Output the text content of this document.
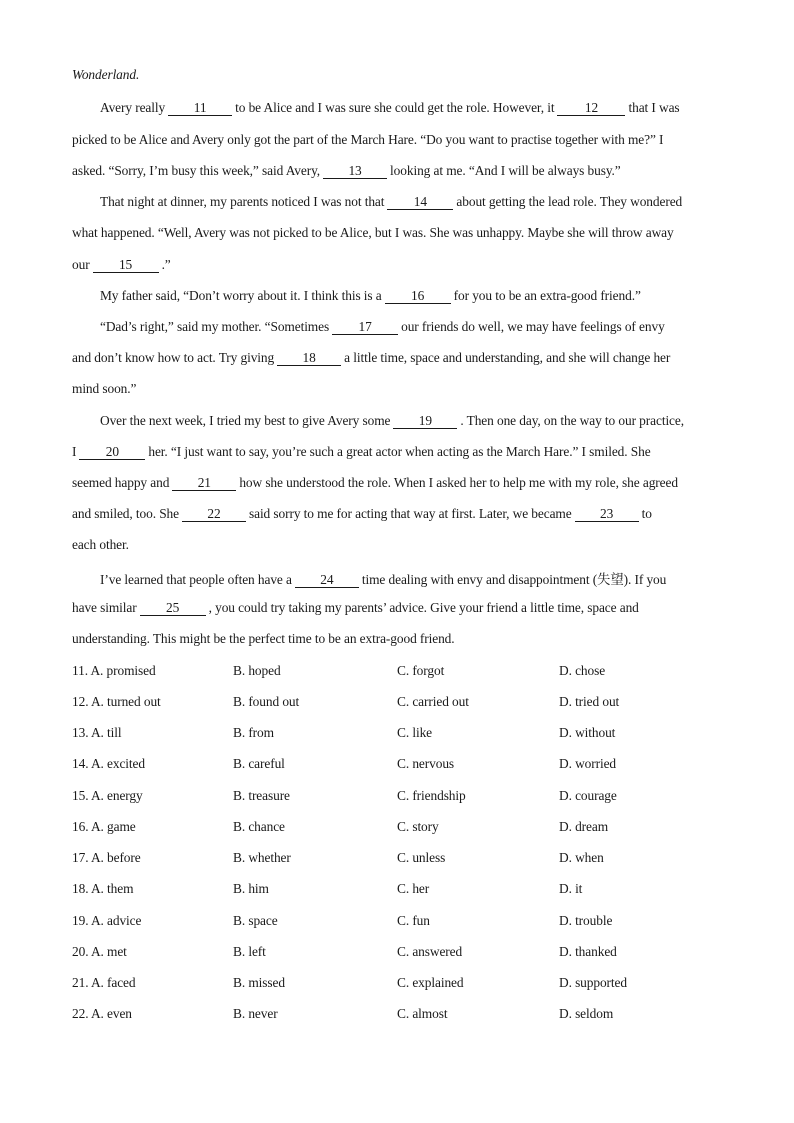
Wonderland.
Avery really 11 to be Alice and I was sure she could get the role. However, it 12 that I was
picked to be Alice and Avery only got the part of the March Hare. “Do you want to practise together with me?” I
asked. “Sorry, I’m busy this week,” said Avery, 13 looking at me. “And I will be always busy.”
That night at dinner, my parents noticed I was not that 14 about getting the lead role. They wondered
what happened. “Well, Avery was not picked to be Alice, but I was. She was unhappy. Maybe she will throw away
our 15 .”
My father said, “Don’t worry about it. I think this is a 16 for you to be an extra-good friend.”
“Dad’s right,” said my mother. “Sometimes 17 our friends do well, we may have feelings of envy
and don’t know how to act. Try giving 18 a little time, space and understanding, and she will change her
mind soon.”
Over the next week, I tried my best to give Avery some 19 . Then one day, on the way to our practice,
I 20 her. “I just want to say, you’re such a great actor when acting as the March Hare.” I smiled. She
seemed happy and 21 how she understood the role. When I asked her to help me with my role, she agreed
and smiled, too. She 22 said sorry to me for acting that way at first. Later, we became 23 to
each other.
I’ve learned that people often have a 24 time dealing with envy and disappointment (失望). If you
have similar 25 , you could try taking my parents’ advice. Give your friend a little time, space and
understanding. This might be the perfect time to be an extra-good friend.
11. A. promised	B. hoped	C. forgot	D. chose
12. A. turned out	B. found out	C. carried out	D. tried out
13. A. till	B. from	C. like	D. without
14. A. excited	B. careful	C. nervous	D. worried
15. A. energy	B. treasure	C. friendship	D. courage
16. A. game	B. chance	C. story	D. dream
17. A. before	B. whether	C. unless	D. when
18. A. them	B. him	C. her	D. it
19. A. advice	B. space	C. fun	D. trouble
20. A. met	B. left	C. answered	D. thanked
21. A. faced	B. missed	C. explained	D. supported
22. A. even	B. never	C. almost	D. seldom
